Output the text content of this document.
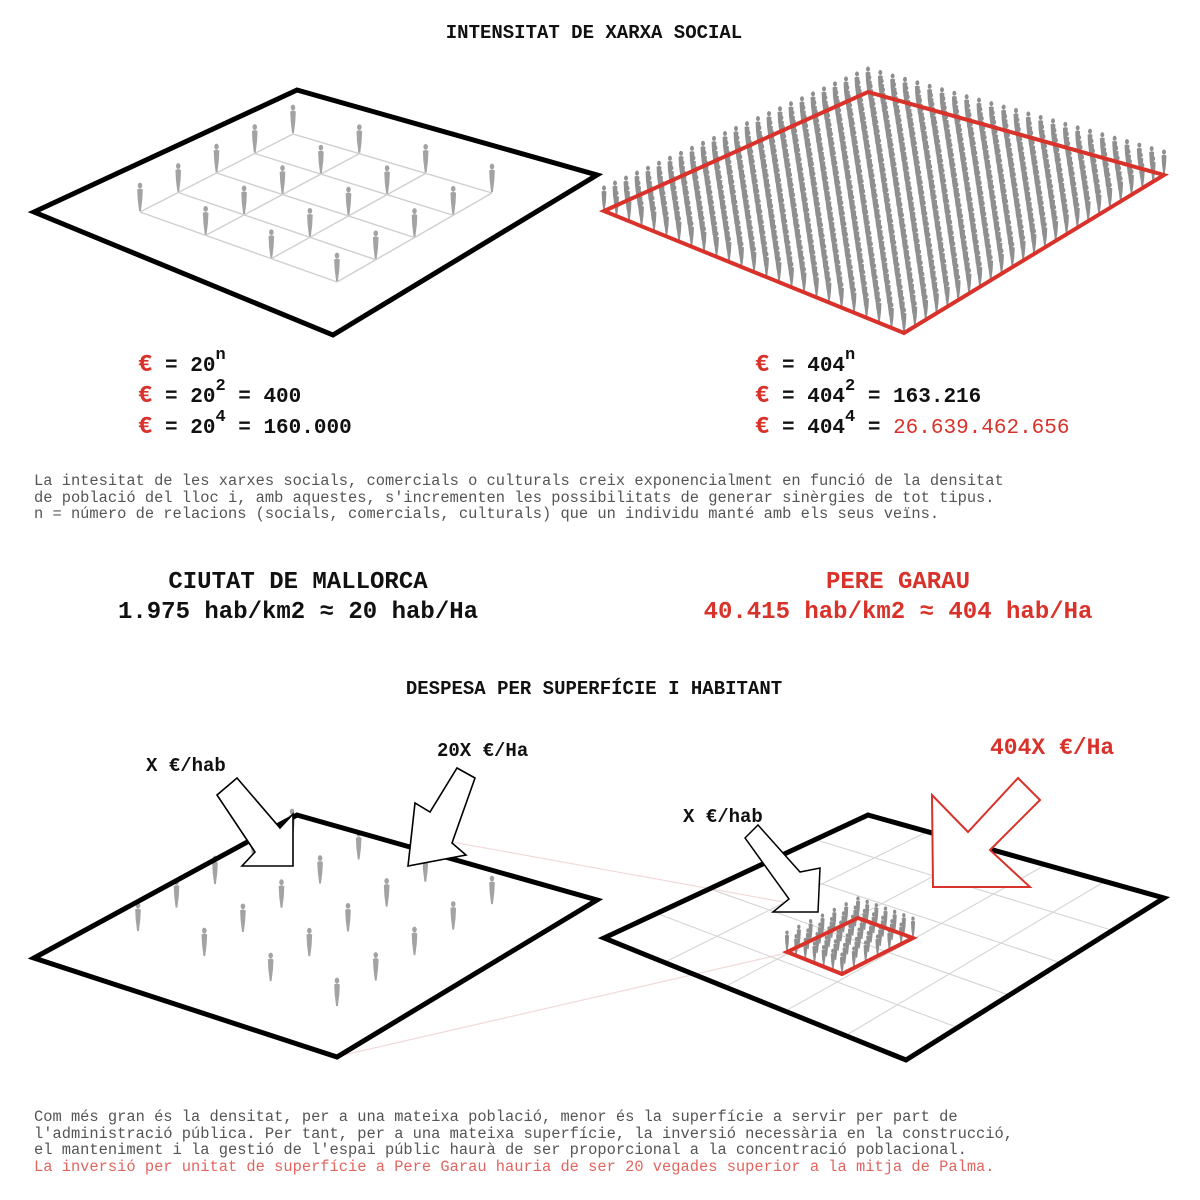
INTENSITAT DE XARXA SOCIAL
€ = $20^n$
€ = $20^2 = 400$
€ = $20^4 = 160.000$
€ = $404^n$
€ = $404^2 = 163.216$
€ = $404^4 = 26.639.462.656$
La intesitat de les xarxes socials, comercials o culturals creix exponencialment en funció de la densitat
de població del lloc i, amb aquestes, s'incrementen les possibilitats de generar sinèrgies de tot tipus.
n = número de relacions (socials, comercials, culturals) que un individu manté amb els seus veïns.
CIUTAT DE MALLORCA
1.975 hab/km2 ≈ 20 hab/Ha
PERE GARAU
40.415 hab/km2 ≈ 404 hab/Ha
DESPESA PER SUPERFÍCIE I HABITANT
X €/hab
20X €/Ha
X €/hab
404X €/Ha
Com més gran és la densitat, per a una mateixa població, menor és la superfície a servir per part de
l'administració pública. Per tant, per a una mateixa superfície, la inversió necessària en la construcció,
el manteniment i la gestió de l'espai públic haurà de ser proporcional a la concentració poblacional.
La inversió per unitat de superfície a Pere Garau hauria de ser 20 vegades superior a la mitja de Palma.
